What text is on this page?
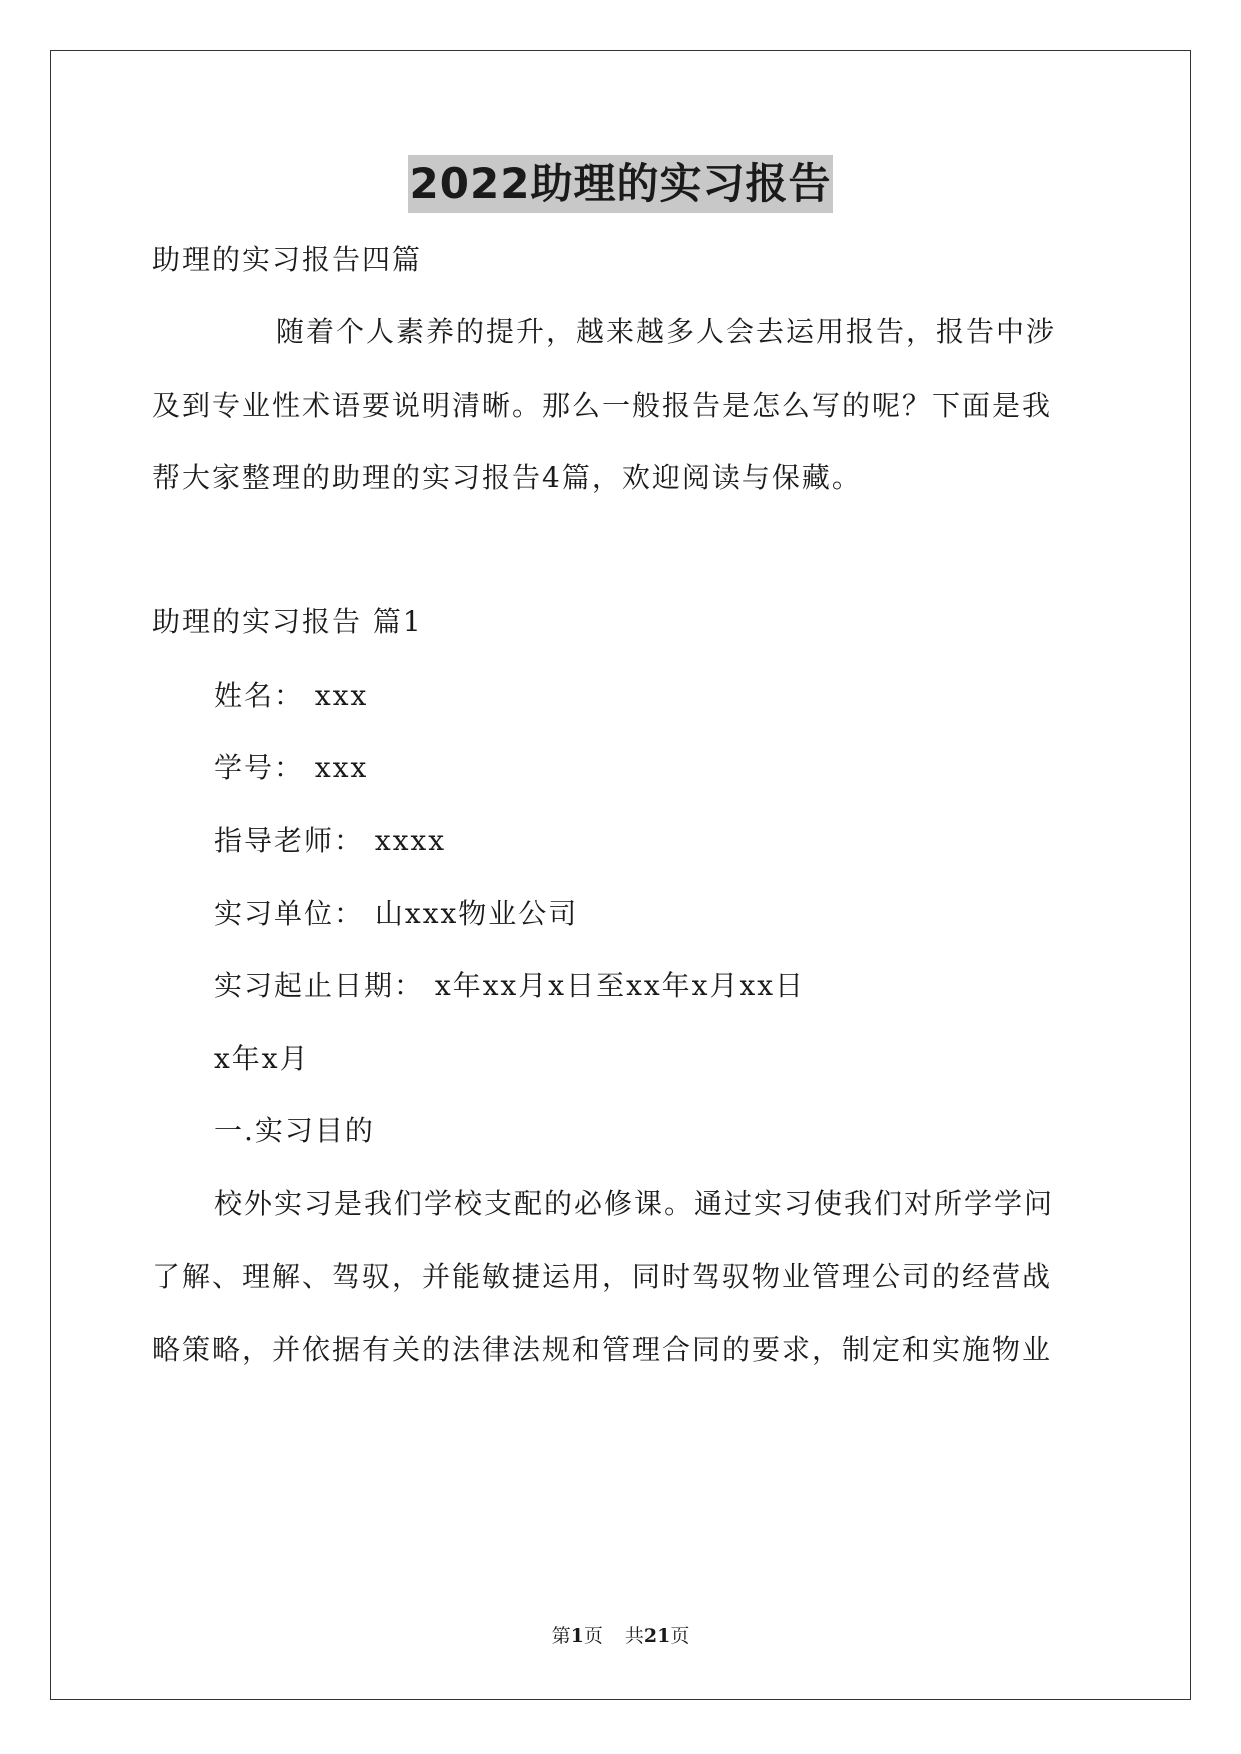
2022助理的实习报告
助理的实习报告四篇
随着个人素养的提升，越来越多人会去运用报告，报告中涉
及到专业性术语要说明清晰。那么一般报告是怎么写的呢？下面是我
帮大家整理的助理的实习报告4篇，欢迎阅读与保藏。
助理的实习报告 篇1
姓名： xxx
学号： xxx
指导老师： xxxx
实习单位： 山xxx物业公司
实习起止日期： x年xx月x日至xx年x月xx日
x年x月
一.实习目的
校外实习是我们学校支配的必修课。通过实习使我们对所学学问
了解、理解、驾驭，并能敏捷运用，同时驾驭物业管理公司的经营战
略策略，并依据有关的法律法规和管理合同的要求，制定和实施物业
第1页 共21页
